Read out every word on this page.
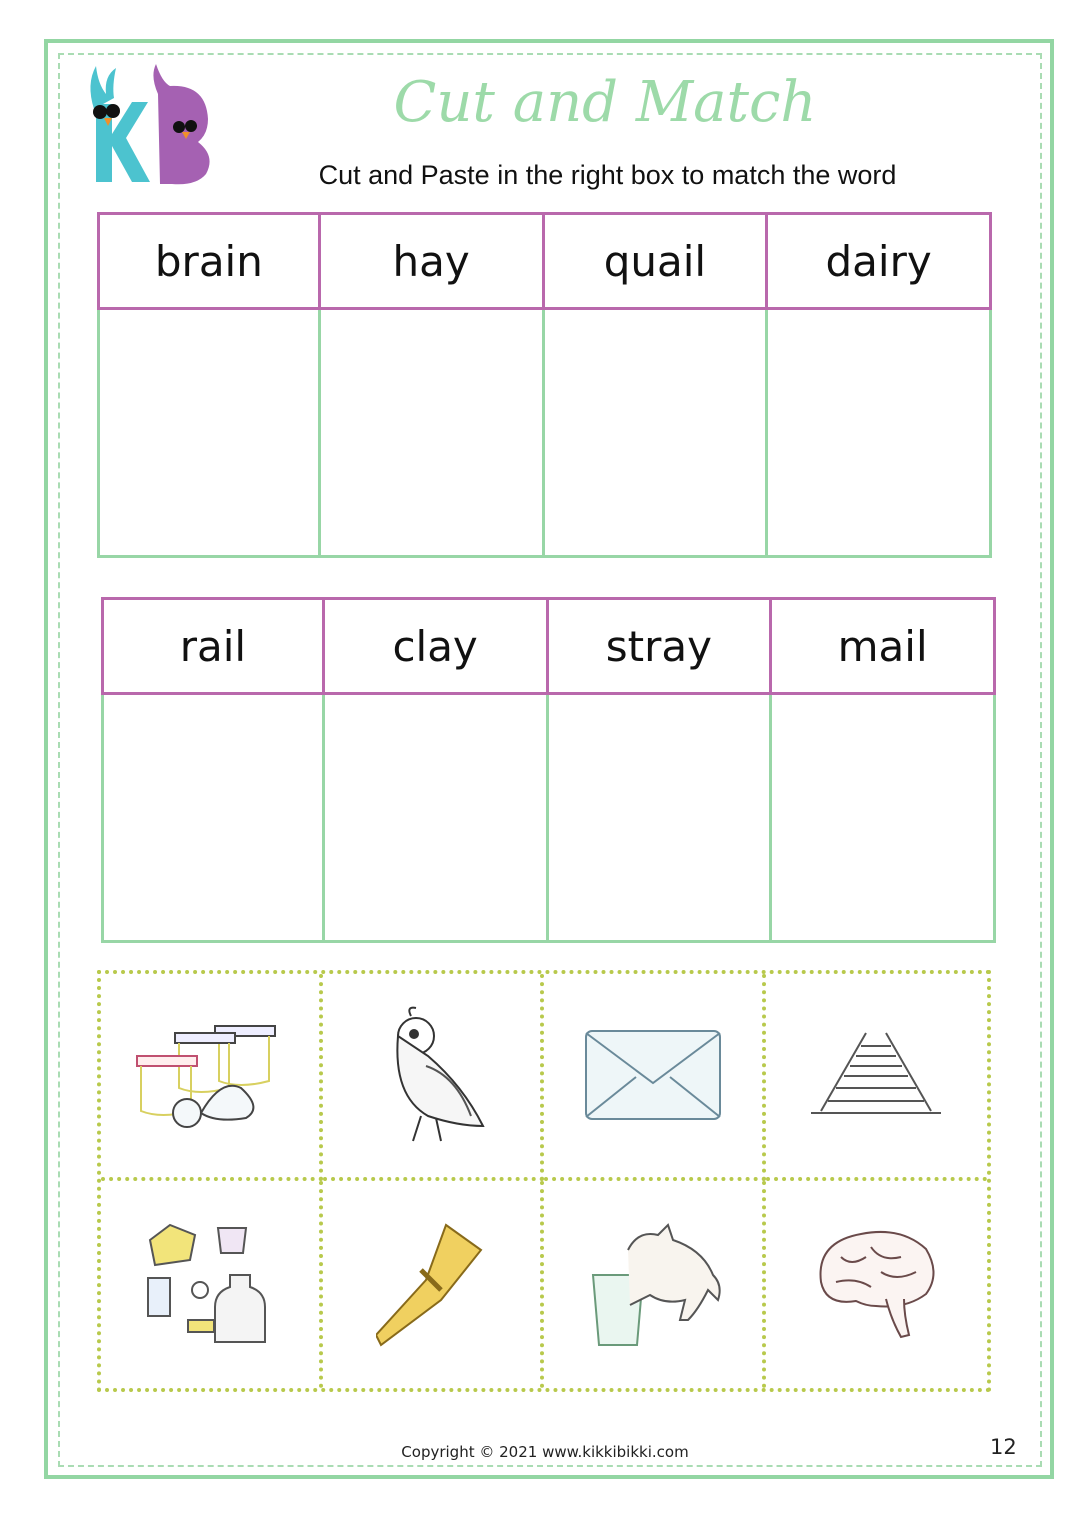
Cut and Match
Cut and Paste in the right box to match the word
brain	hay	quail	dairy
rail	clay	stray	mail
Copyright © 2021 www.kikkibikki.com	12
